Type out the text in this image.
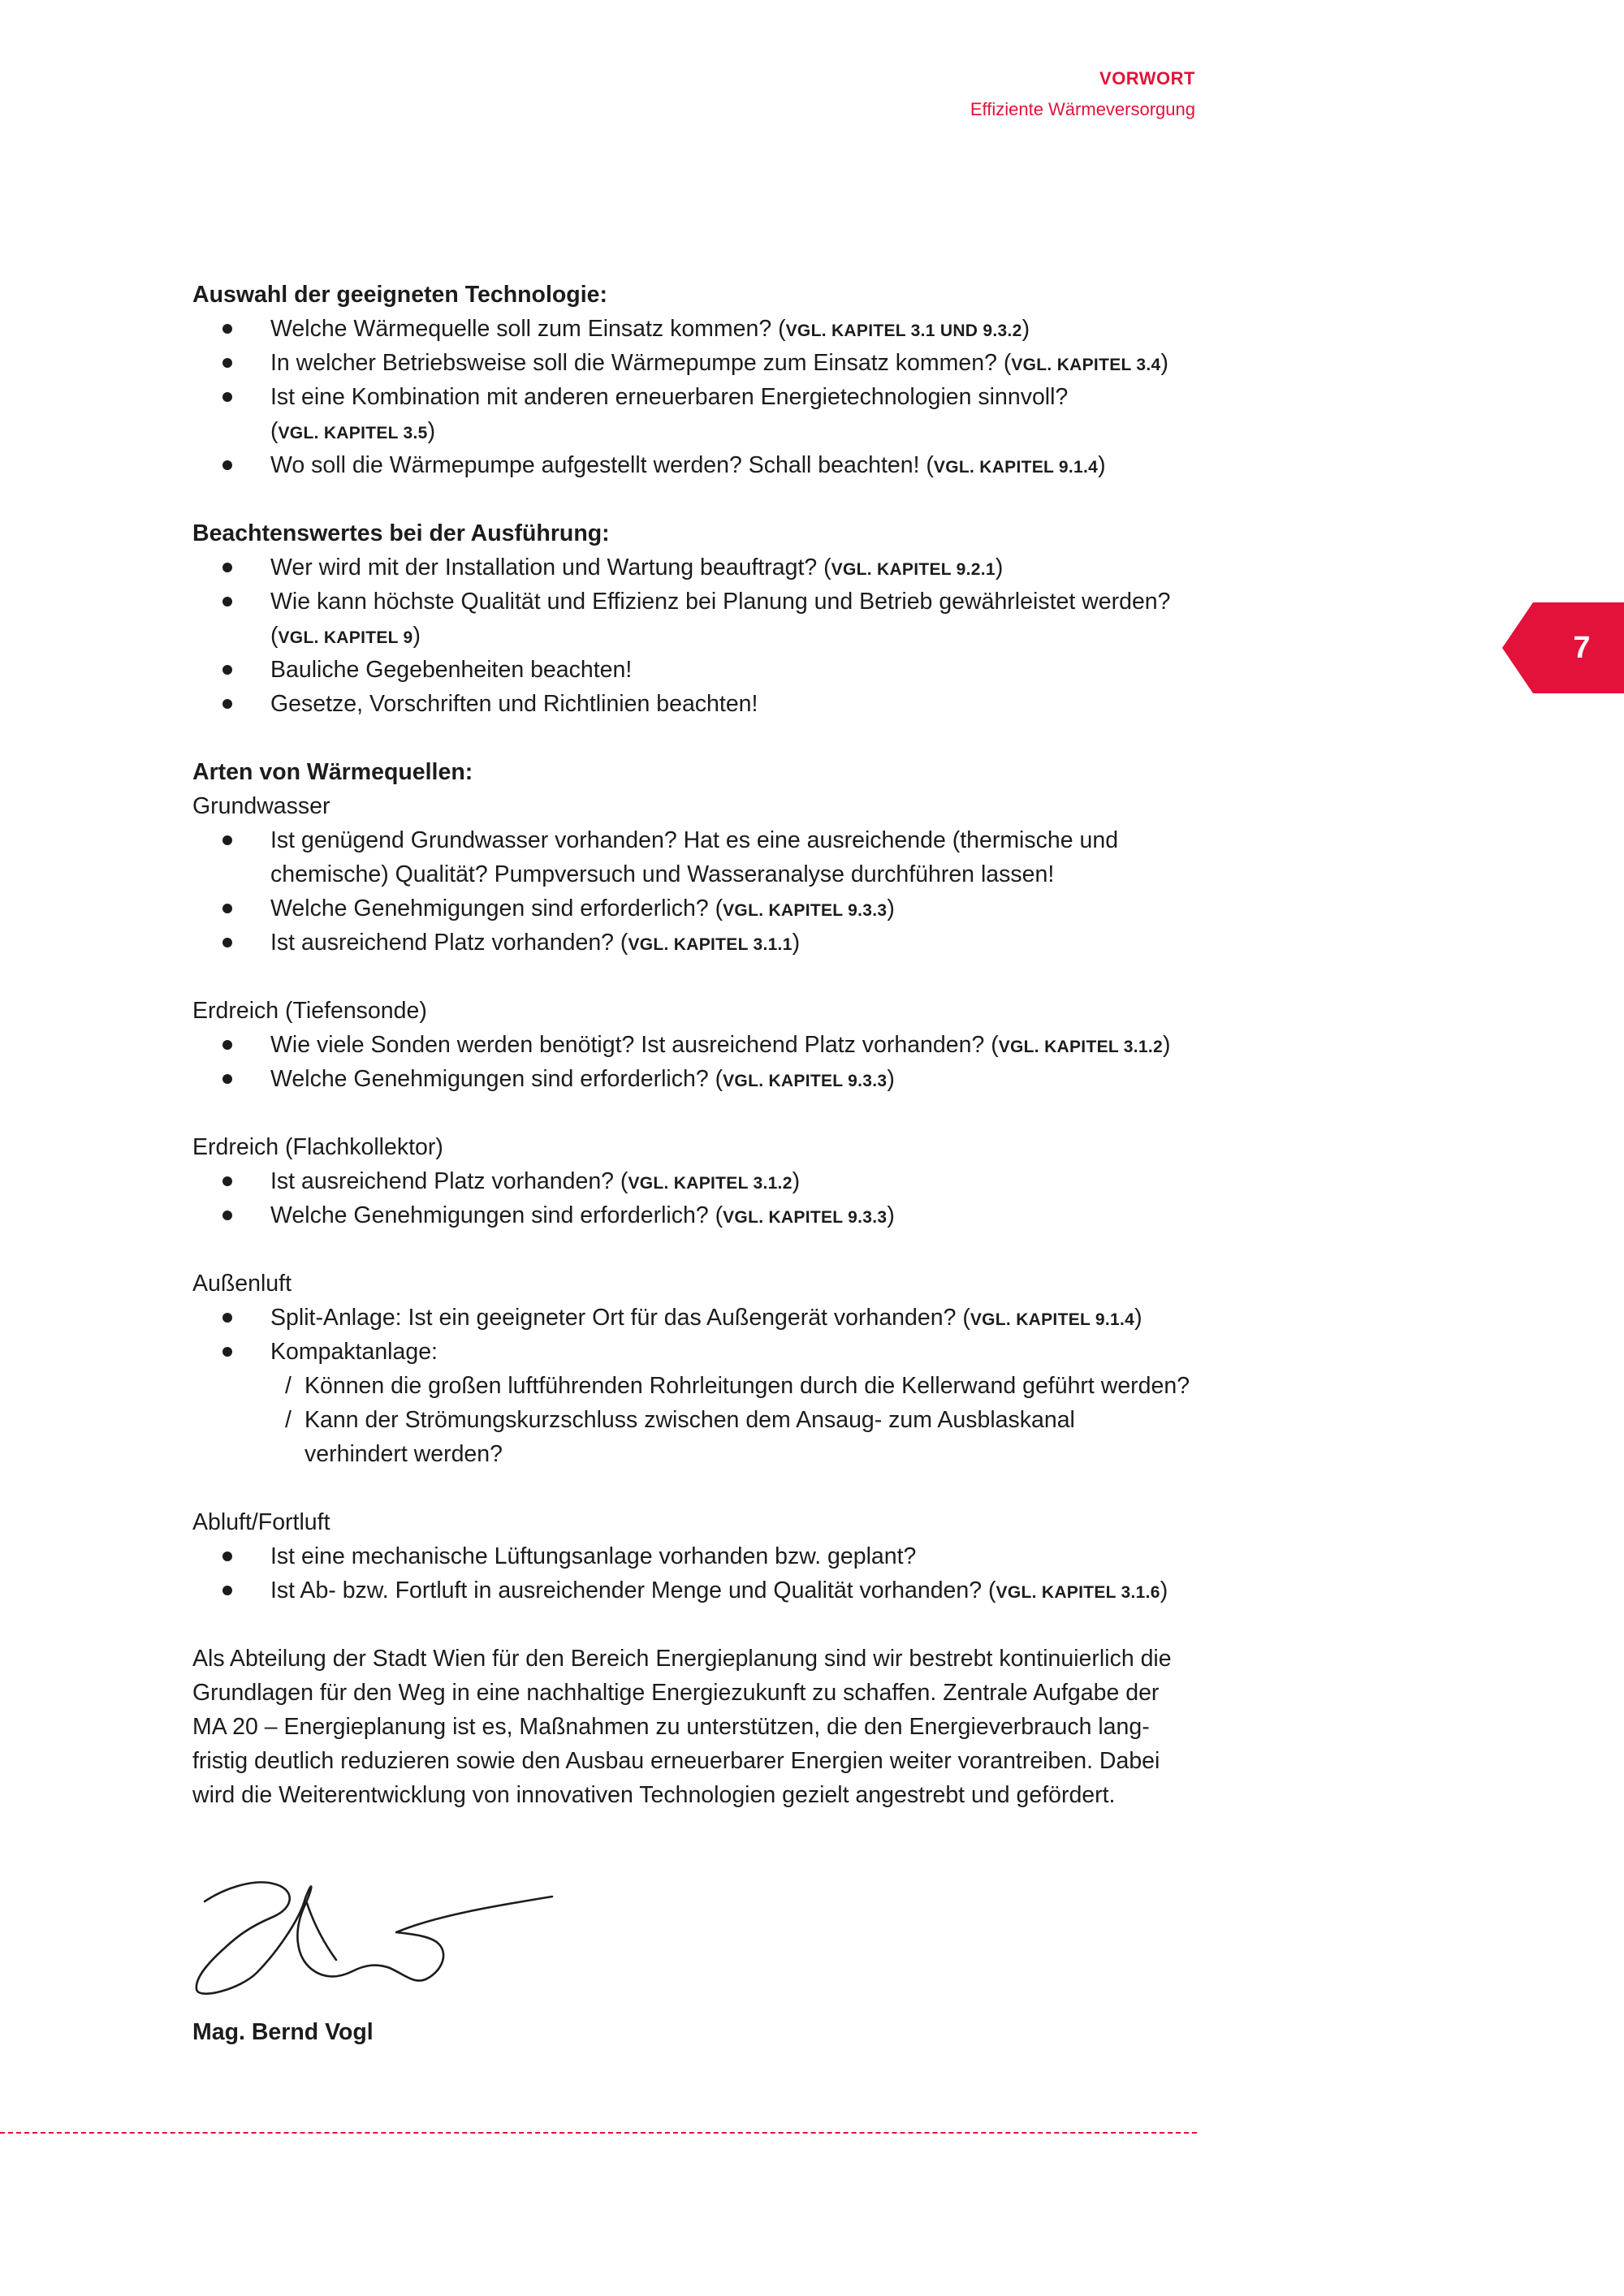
VORWORT
Effiziente Wärmeversorgung
7
Auswahl der geeigneten Technologie:
Welche Wärmequelle soll zum Einsatz kommen? (VGL. KAPITEL 3.1 UND 9.3.2)
In welcher Betriebsweise soll die Wärmepumpe zum Einsatz kommen? (VGL. KAPITEL 3.4)
Ist eine Kombination mit anderen erneuerbaren Energietechnologien sinnvoll?
(VGL. KAPITEL 3.5)
Wo soll die Wärmepumpe aufgestellt werden? Schall beachten! (VGL. KAPITEL 9.1.4)
Beachtenswertes bei der Ausführung:
Wer wird mit der Installation und Wartung beauftragt? (VGL. KAPITEL 9.2.1)
Wie kann höchste Qualität und Effizienz bei Planung und Betrieb gewährleistet werden?
(VGL. KAPITEL 9)
Bauliche Gegebenheiten beachten!
Gesetze, Vorschriften und Richtlinien beachten!
Arten von Wärmequellen:
Grundwasser
Ist genügend Grundwasser vorhanden? Hat es eine ausreichende (thermische und
chemische) Qualität? Pumpversuch und Wasseranalyse durchführen lassen!
Welche Genehmigungen sind erforderlich? (VGL. KAPITEL 9.3.3)
Ist ausreichend Platz vorhanden? (VGL. KAPITEL 3.1.1)
Erdreich (Tiefensonde)
Wie viele Sonden werden benötigt? Ist ausreichend Platz vorhanden? (VGL. KAPITEL 3.1.2)
Welche Genehmigungen sind erforderlich? (VGL. KAPITEL 9.3.3)
Erdreich (Flachkollektor)
Ist ausreichend Platz vorhanden? (VGL. KAPITEL 3.1.2)
Welche Genehmigungen sind erforderlich? (VGL. KAPITEL 9.3.3)
Außenluft
Split-Anlage: Ist ein geeigneter Ort für das Außengerät vorhanden? (VGL. KAPITEL 9.1.4)
Kompaktanlage:
/ Können die großen luftführenden Rohrleitungen durch die Kellerwand geführt werden?
/ Kann der Strömungskurzschluss zwischen dem Ansaug- zum Ausblaskanal
verhindert werden?
Abluft/Fortluft
Ist eine mechanische Lüftungsanlage vorhanden bzw. geplant?
Ist Ab- bzw. Fortluft in ausreichender Menge und Qualität vorhanden? (VGL. KAPITEL 3.1.6)
Als Abteilung der Stadt Wien für den Bereich Energieplanung sind wir bestrebt kontinuierlich die
Grundlagen für den Weg in eine nachhaltige Energiezukunft zu schaffen. Zentrale Aufgabe der
MA 20 – Energieplanung ist es, Maßnahmen zu unterstützen, die den Energieverbrauch lang-
fristig deutlich reduzieren sowie den Ausbau erneuerbarer Energien weiter vorantreiben. Dabei
wird die Weiterentwicklung von innovativen Technologien gezielt angestrebt und gefördert.
Mag. Bernd Vogl
